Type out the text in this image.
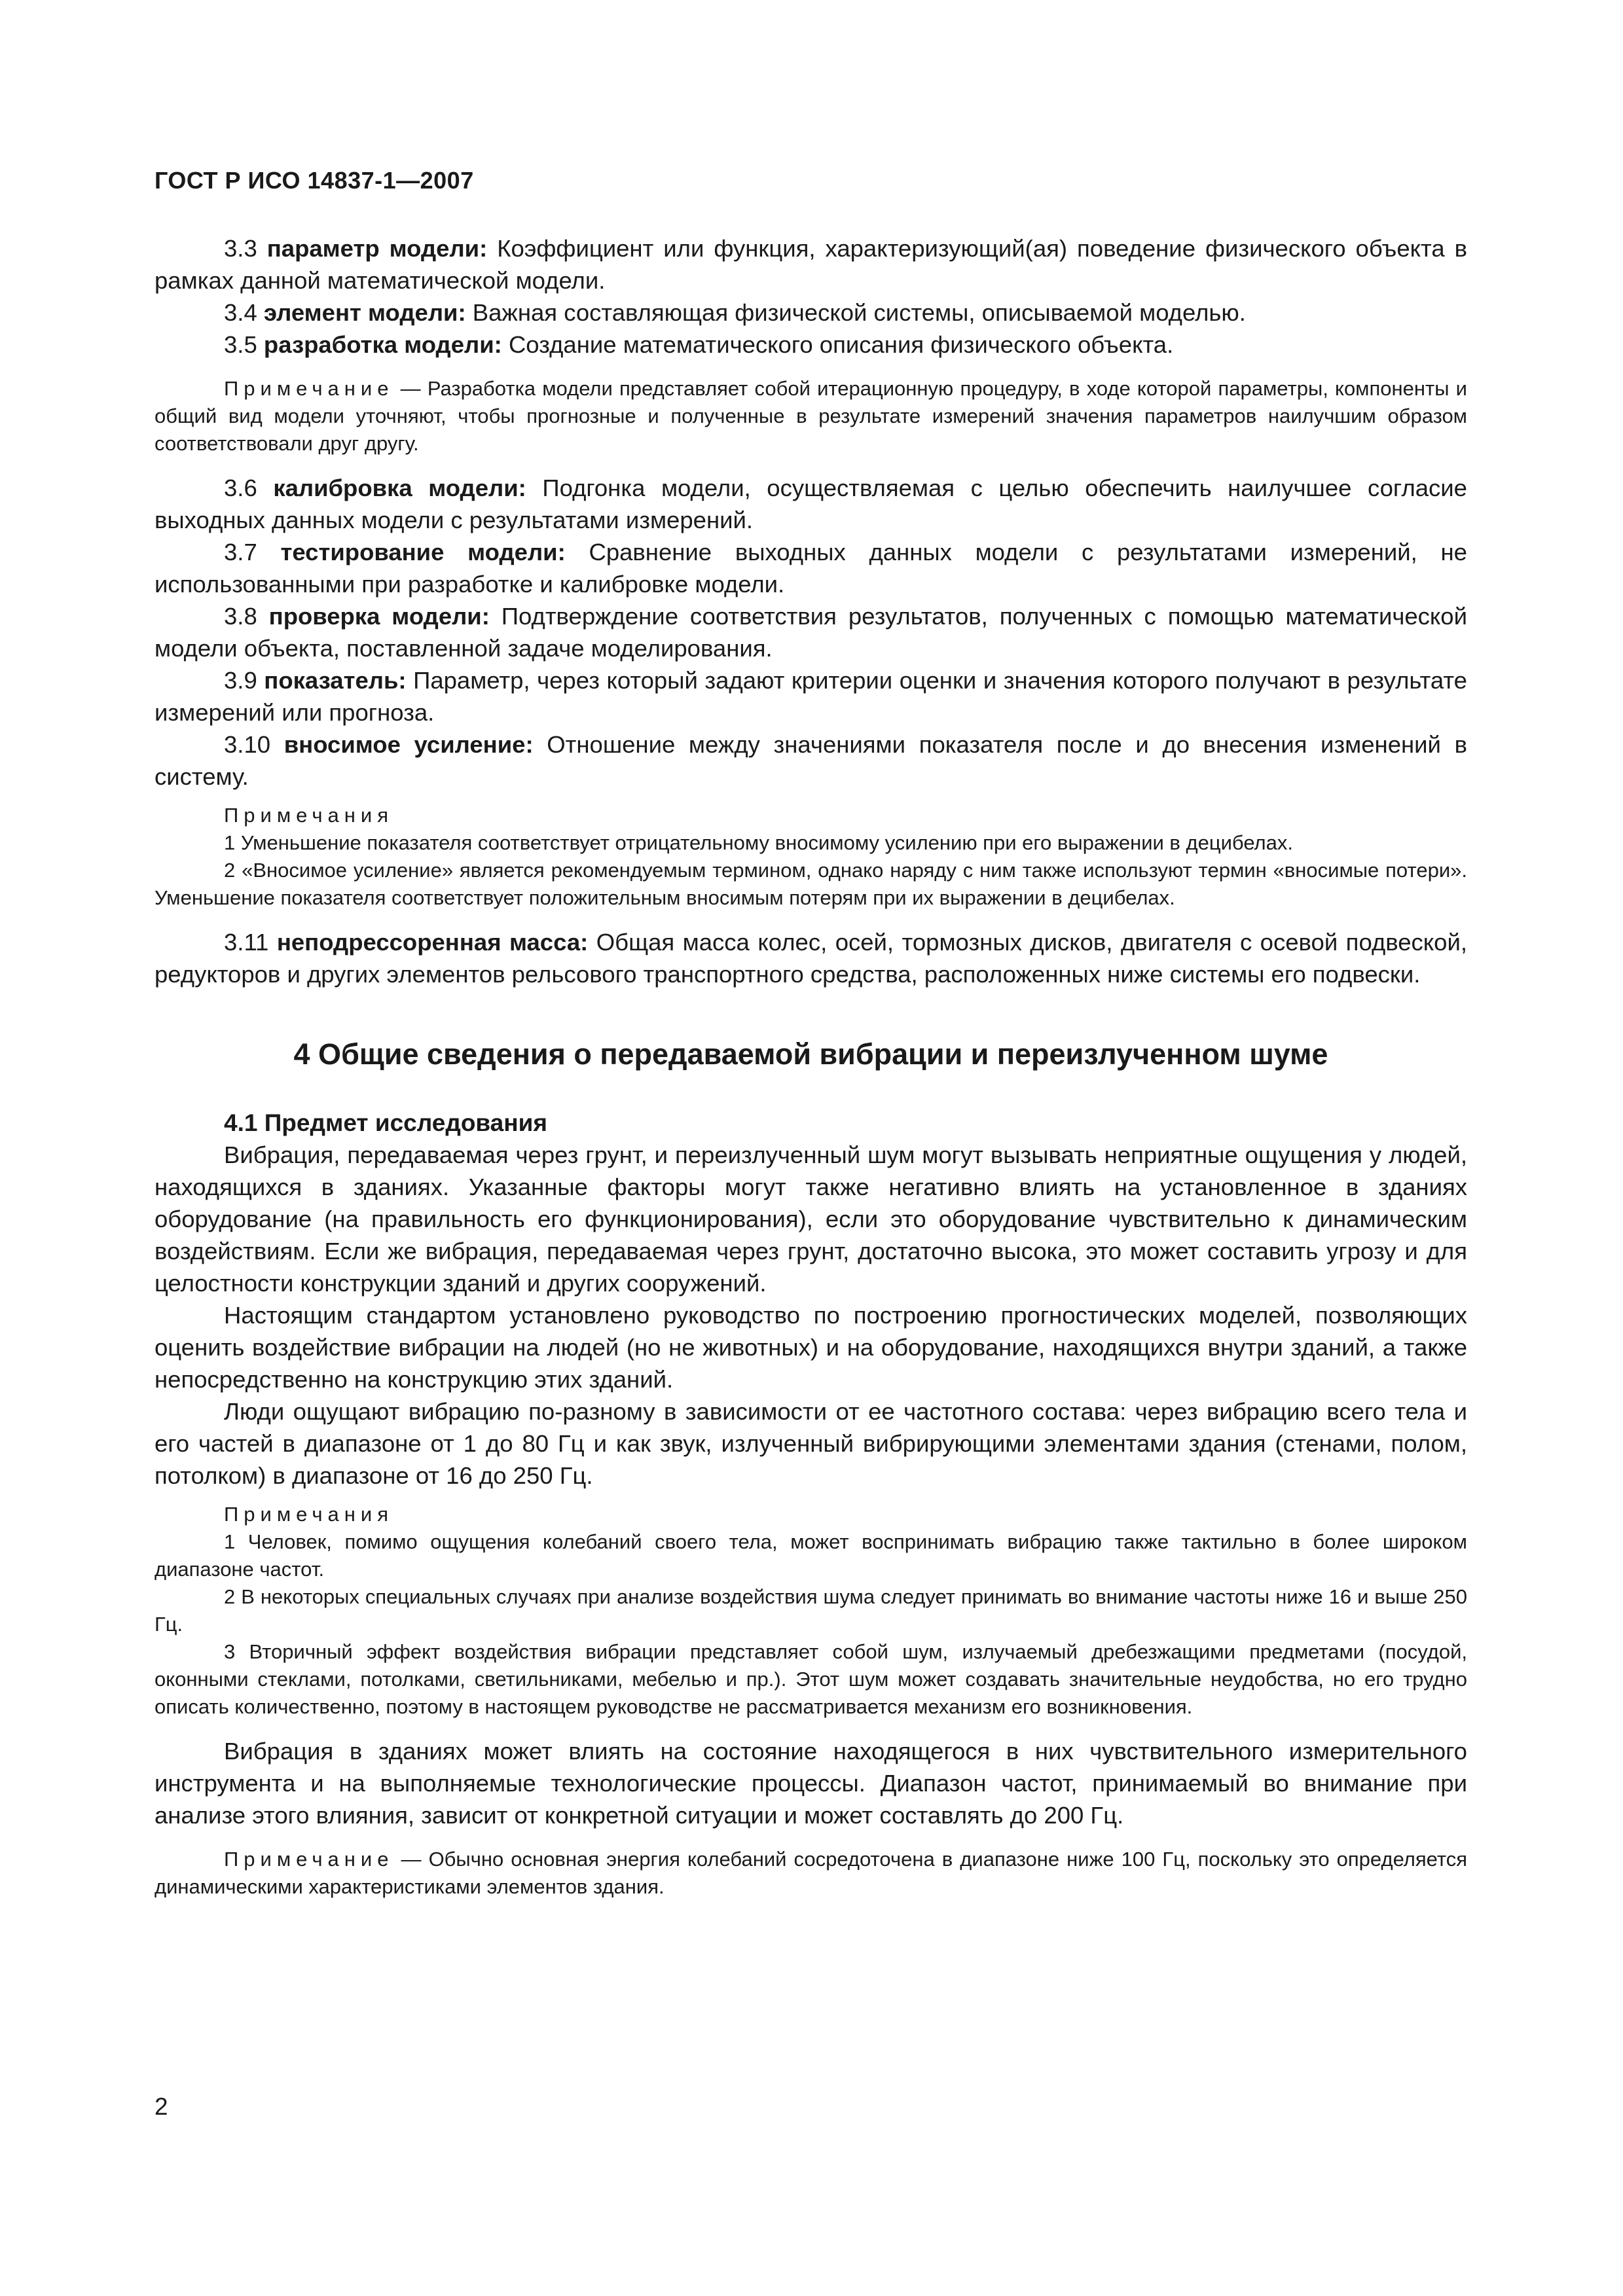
ГОСТ Р ИСО 14837-1—2007

3.3 параметр модели: Коэффициент или функция, характеризующий(ая) поведение физического объекта в рамках данной математической модели.

3.4 элемент модели: Важная составляющая физической системы, описываемой моделью.

3.5 разработка модели: Создание математического описания физического объекта.

Примечание — Разработка модели представляет собой итерационную процедуру, в ходе которой параметры, компоненты и общий вид модели уточняют, чтобы прогнозные и полученные в результате измерений значения параметров наилучшим образом соответствовали друг другу.

3.6 калибровка модели: Подгонка модели, осуществляемая с целью обеспечить наилучшее согласие выходных данных модели с результатами измерений.

3.7 тестирование модели: Сравнение выходных данных модели с результатами измерений, не использованными при разработке и калибровке модели.

3.8 проверка модели: Подтверждение соответствия результатов, полученных с помощью математической модели объекта, поставленной задаче моделирования.

3.9 показатель: Параметр, через который задают критерии оценки и значения которого получают в результате измерений или прогноза.

3.10 вносимое усиление: Отношение между значениями показателя после и до внесения изменений в систему.

Примечания

1 Уменьшение показателя соответствует отрицательному вносимому усилению при его выражении в децибелах.

2 «Вносимое усиление» является рекомендуемым термином, однако наряду с ним также используют термин «вносимые потери». Уменьшение показателя соответствует положительным вносимым потерям при их выражении в децибелах.

3.11 неподрессоренная масса: Общая масса колес, осей, тормозных дисков, двигателя с осевой подвеской, редукторов и других элементов рельсового транспортного средства, расположенных ниже системы его подвески.

4 Общие сведения о передаваемой вибрации и переизлученном шуме

4.1 Предмет исследования

Вибрация, передаваемая через грунт, и переизлученный шум могут вызывать неприятные ощущения у людей, находящихся в зданиях. Указанные факторы могут также негативно влиять на установленное в зданиях оборудование (на правильность его функционирования), если это оборудование чувствительно к динамическим воздействиям. Если же вибрация, передаваемая через грунт, достаточно высока, это может составить угрозу и для целостности конструкции зданий и других сооружений.

Настоящим стандартом установлено руководство по построению прогностических моделей, позволяющих оценить воздействие вибрации на людей (но не животных) и на оборудование, находящихся внутри зданий, а также непосредственно на конструкцию этих зданий.

Люди ощущают вибрацию по-разному в зависимости от ее частотного состава: через вибрацию всего тела и его частей в диапазоне от 1 до 80 Гц и как звук, излученный вибрирующими элементами здания (стенами, полом, потолком) в диапазоне от 16 до 250 Гц.

Примечания

1 Человек, помимо ощущения колебаний своего тела, может воспринимать вибрацию также тактильно в более широком диапазоне частот.

2 В некоторых специальных случаях при анализе воздействия шума следует принимать во внимание частоты ниже 16 и выше 250 Гц.

3 Вторичный эффект воздействия вибрации представляет собой шум, излучаемый дребезжащими предметами (посудой, оконными стеклами, потолками, светильниками, мебелью и пр.). Этот шум может создавать значительные неудобства, но его трудно описать количественно, поэтому в настоящем руководстве не рассматривается механизм его возникновения.

Вибрация в зданиях может влиять на состояние находящегося в них чувствительного измерительного инструмента и на выполняемые технологические процессы. Диапазон частот, принимаемый во внимание при анализе этого влияния, зависит от конкретной ситуации и может составлять до 200 Гц.

Примечание — Обычно основная энергия колебаний сосредоточена в диапазоне ниже 100 Гц, поскольку это определяется динамическими характеристиками элементов здания.

2
